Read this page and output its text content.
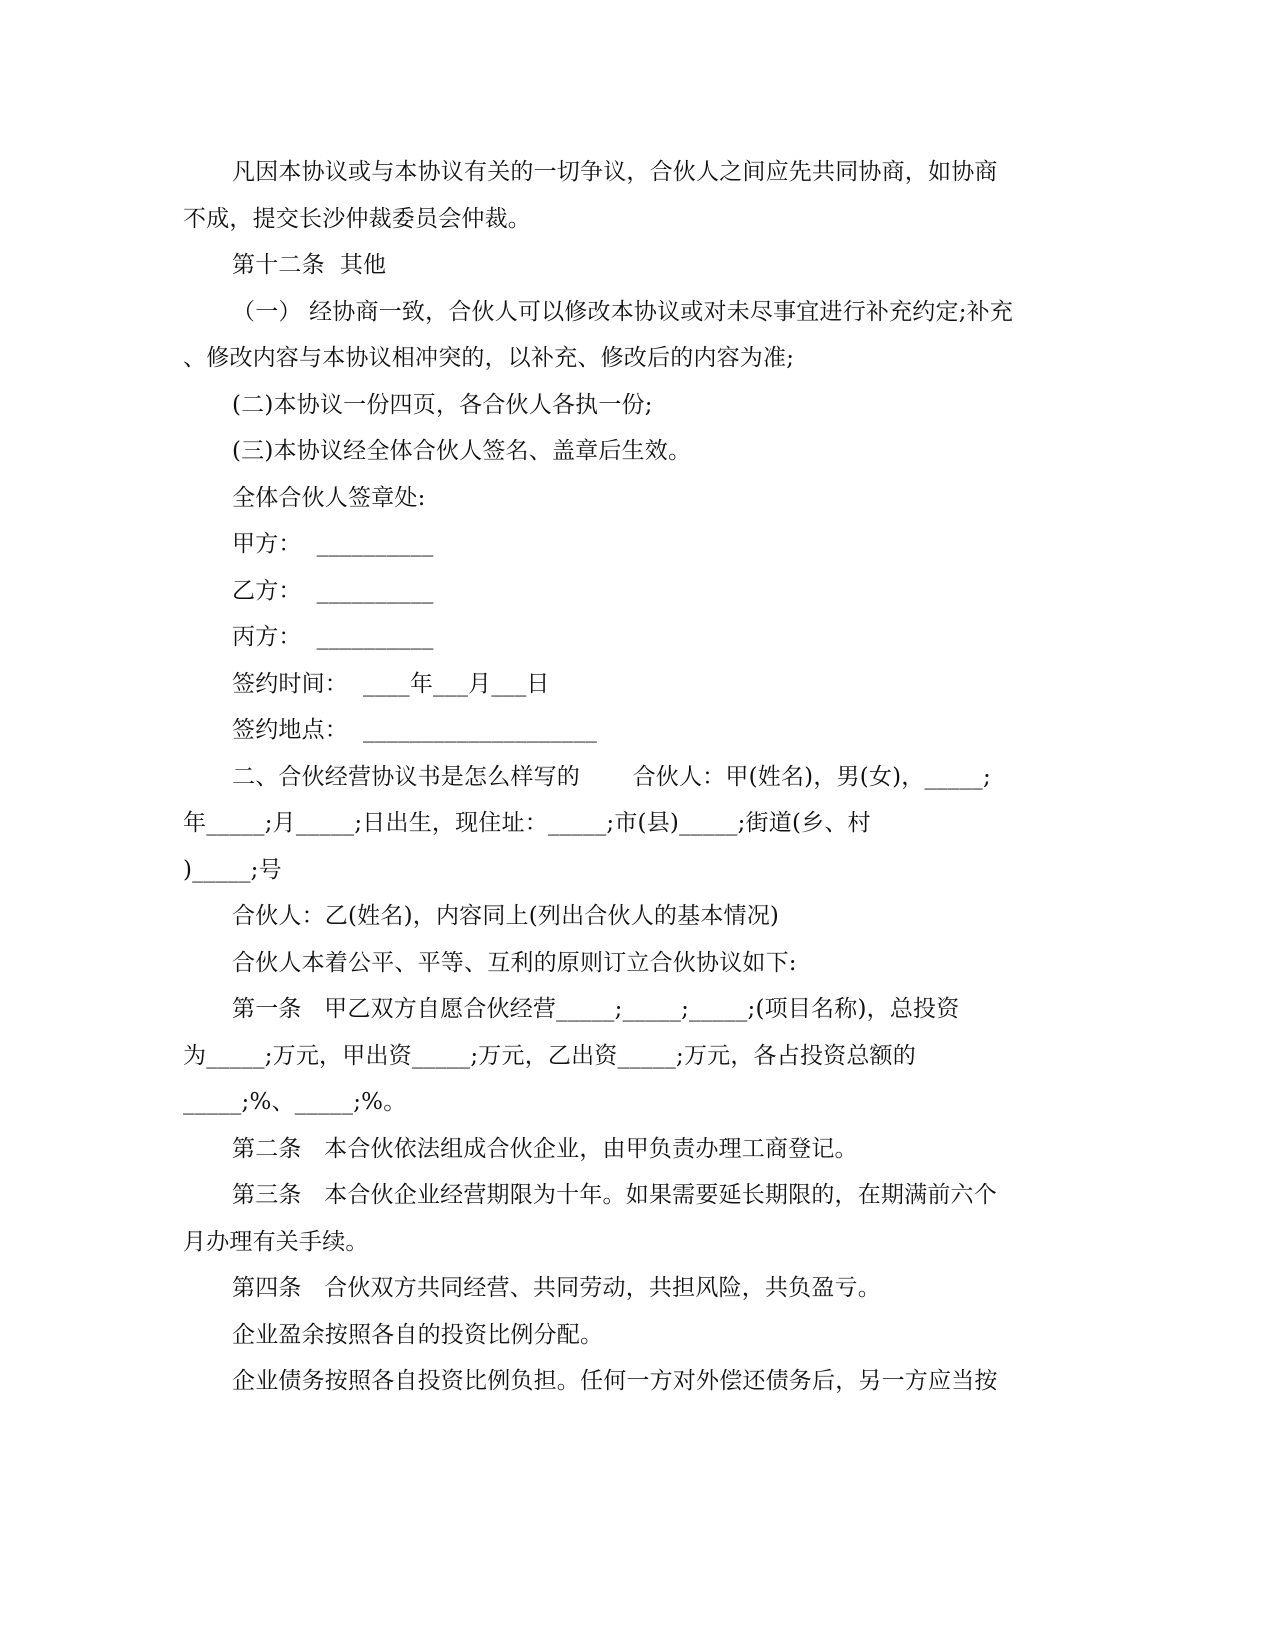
凡因本协议或与本协议有关的一切争议，合伙人之间应先共同协商，如协商
不成，提交长沙仲裁委员会仲裁。
第十二条  其他
（一） 经协商一致，合伙人可以修改本协议或对未尽事宜进行补充约定;补充
、修改内容与本协议相冲突的，以补充、修改后的内容为准;
(二)本协议一份四页，各合伙人各执一份;
(三)本协议经全体合伙人签名、盖章后生效。
全体合伙人签章处:
甲方：  __________
乙方：  __________
丙方：  __________
签约时间：  ____年___月___日
签约地点：  ____________________
二、合伙经营协议书是怎么样写的       合伙人：甲(姓名)，男(女)，_____;
年_____;月_____;日出生，现住址：_____;市(县)_____;街道(乡、村
)_____;号
合伙人：乙(姓名)，内容同上(列出合伙人的基本情况)
合伙人本着公平、平等、互利的原则订立合伙协议如下:
第一条   甲乙双方自愿合伙经营_____;_____;_____;(项目名称)，总投资
为_____;万元，甲出资_____;万元，乙出资_____;万元，各占投资总额的
_____;%、_____;%。
第二条   本合伙依法组成合伙企业，由甲负责办理工商登记。
第三条   本合伙企业经营期限为十年。如果需要延长期限的，在期满前六个
月办理有关手续。
第四条   合伙双方共同经营、共同劳动，共担风险，共负盈亏。
企业盈余按照各自的投资比例分配。
企业债务按照各自投资比例负担。任何一方对外偿还债务后，另一方应当按
